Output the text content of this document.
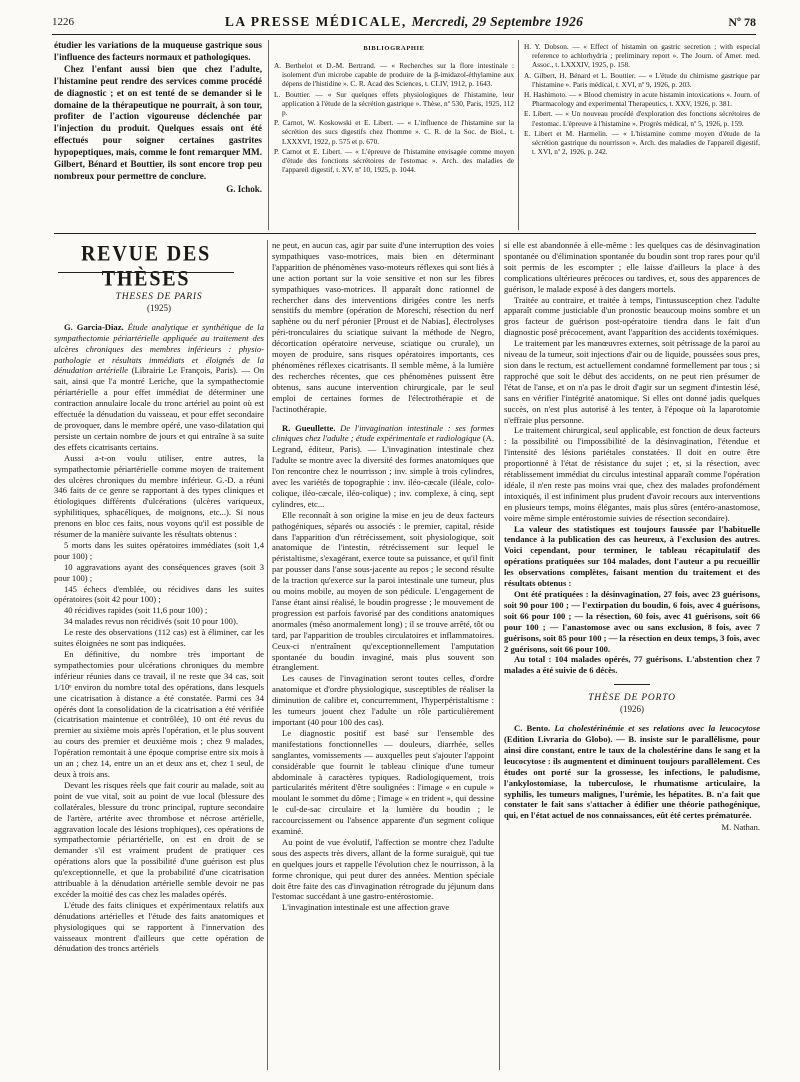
1226	LA PRESSE MÉDICALE, Mercredi, 29 Septembre 1926	Nº 78

étudier les variations de la muqueuse gastrique sous l'influence des facteurs normaux et pathologiques.

Chez l'enfant aussi bien que chez l'adulte, l'histamine peut rendre des services comme procédé de diagnostic ; et on est tenté de se demander si le domaine de la thérapeutique ne pourrait, à son tour, profiter de l'action vigoureuse déclenchée par l'injection du produit. Quelques essais ont été effectués pour soigner certaines gastrites hypopeptiques, mais, comme le font remarquer MM. Gilbert, Bénard et Bouttier, ils sont encore trop peu nombreux pour permettre de conclure.

G. Ichok.
BIBLIOGRAPHIE

A. Berthelot et D.-M. Bertrand. — « Recherches sur la flore intestinale : isolement d'un microbe capable de produire de la β-imidazol-éthylamine aux dépens de l'histidine ». C. R. Acad des Sciences, t. CLIV, 1912, p. 1643.

L. Bouttier. — « Sur quelques effets physiologiques de l'histamine, leur application à l'étude de la sécrétion gastrique ». Thèse, nº 530, Paris, 1925, 112 p.

P. Carnot, W. Koskowski et E. Libert. — « L'influence de l'histamine sur la sécrétion des sucs digestifs chez l'homme ». C. R. de la Soc. de Biol., t. LXXXVI, 1922, p. 575 et p. 670.

P. Carnot et E. Libert. — « L'épreuve de l'histamine envisagée comme moyen d'étude des fonctions sécrétoires de l'estomac ». Arch. des maladies de l'appareil digestif, t. XV, nº 10, 1925, p. 1044.

H. Y. Dobson. — « Effect of histamin on gastric secretion ; with especial reference to achlorhydria ; preliminary report ». The Journ. of Amer. med. Assoc., t. LXXXIV, 1925, p. 158.

A. Gilbert, H. Bénard et L. Bouttier. — « L'étude du chimisme gastrique par l'histamine ». Paris médical, t. XVI, nº 9, 1926, p. 203.

H. Hashimoto. — « Blood chemistry in acute histamin intoxications ». Journ. of Pharmacology and experimental Therapeutics, t. XXV, 1926, p. 381.

E. Libert. — « Un nouveau procédé d'exploration des fonctions sécrétoires de l'estomac. L'épreuve à l'histamine ». Progrès médical, nº 5, 1926, p. 159.

E. Libert et M. Harmelin. — « L'histamine comme moyen d'étude de la sécrétion gastrique du nourrisson ». Arch. des maladies de l'appareil digestif, t. XVI, nº 2, 1926, p. 242.

REVUE DES THÈSES
THÈSES DE PARIS
(1925)

G. Garcia-Diaz. Étude analytique et synthétique de la sympathectomie périartérielle appliquée au traitement des ulcères chroniques des membres inférieurs : physio-pathologie et résultats immédiats et éloignés de la dénudation artérielle (Librairie Le François, Paris). — On sait, ainsi que l'a montré Leriche, que la sympathectomie périartérielle a pour effet immédiat de déterminer une contraction annulaire locale du tronc artériel au point où est effectuée la dénudation du vaisseau, et pour effet secondaire de provoquer, dans le membre opéré, une vaso-dilatation qui persiste un certain nombre de jours et qui entraîne à sa suite des effets cicatrisants certains.

Aussi a-t-on voulu utiliser, entre autres, la sympathectomie périartérielle comme moyen de traitement des ulcères chroniques du membre inférieur. G.-D. a réuni 346 faits de ce genre se rapportant à des types cliniques et étiologiques différents d'ulcérations (ulcères variqueux, syphilitiques, sphacéliques, de moignons, etc...). Si nous prenons en bloc ces faits, nous voyons qu'il est possible de résumer de la manière suivante les résultats obtenus :

5 morts dans les suites opératoires immédiates (soit 1,4 pour 100) ;

10 aggravations ayant des conséquences graves (soit 3 pour 100) ;

145 échecs d'emblée, ou récidives dans les suites opératoires (soit 42 pour 100) ;

40 récidives rapides (soit 11,6 pour 100) ;

34 malades revus non récidivés (soit 10 pour 100).

Le reste des observations (112 cas) est à éliminer, car les suites éloignées ne sont pas indiquées.

En définitive, du nombre très important de sympathectomies pour ulcérations chroniques du membre inférieur réunies dans ce travail, il ne reste que 34 cas, soit 1/10ᵉ environ du nombre total des opérations, dans lesquels une cicatrisation à distance a été constatée. Parmi ces 34 opérés dont la consolidation de la cicatrisation a été vérifiée (cicatrisation maintenue et contrôlée), 10 ont été revus du premier au sixième mois après l'opération, et le plus souvent au cours des premier et deuxième mois ; chez 9 malades, l'opération remontait à une époque comprise entre six mois à un an ; chez 14, entre un an et deux ans et, chez 1 seul, de deux à trois ans.

Devant les risques réels que fait courir au malade, soit au point de vue vital, soit au point de vue local (blessure des collatérales, blessure du tronc principal, rupture secondaire de l'artère, artérite avec thrombose et nécrose artérielle, aggravation locale des lésions trophiques), ces opérations de sympathectomie périartérielle, on est en droit de se demander s'il est vraiment prudent de pratiquer ces opérations alors que la possibilité d'une guérison est plus qu'exceptionnelle, et que la probabilité d'une cicatrisation attribuable à la dénudation artérielle semble devoir ne pas excéder la moitié des cas chez les malades opérés.

L'étude des faits cliniques et expérimentaux relatifs aux dénudations artérielles et l'étude des faits anatomiques et physiologiques qui se rapportent à l'innervation des vaisseaux montrent d'ailleurs que cette opération de dénudation des troncs artériels

ne peut, en aucun cas, agir par suite d'une interruption des voies sympathiques vaso-motrices, mais bien en déterminant l'apparition de phénomènes vaso-moteurs réflexes qui sont liés à une action portant sur la voie sensitive et non sur les fibres sympathiques vaso-motrices. Il apparaît donc rationnel de rechercher dans des interventions dirigées contre les nerfs sensitifs du membre (opération de Moreschi, résection du nerf saphène ou du nerf péronier [Proust et de Nabias], électrolyses péri-tronculaires du sciatique suivant la méthode de Negro, décortication opératoire nerveuse, sciatique ou crurale), un moyen de produire, sans risques opératoires importants, ces phénomènes réflexes cicatrisants. Il semble même, à la lumière des recherches récentes, que ces phénomènes puissent être obtenus, sans aucune intervention chirurgicale, par le seul emploi de certaines formes de l'électrothérapie et de l'actinothérapie.

R. Gueullette. De l'invagination intestinale : ses formes cliniques chez l'adulte ; étude expérimentale et radiologique (A. Legrand, éditeur, Paris). — L'invagination intestinale chez l'adulte se montre avec la diversité des formes anatomiques que l'on rencontre chez le nourrisson ; inv. simple à trois cylindres, avec les variétés de topographie : inv. iléo-cæcale (iléale, colo-colique, iléo-cæcale, iléo-colique) ; inv. complexe, à cinq, sept cylindres, etc...

Elle reconnaît à son origine la mise en jeu de deux facteurs pathogéniques, séparés ou associés : le premier, capital, réside dans l'apparition d'un rétrécissement, soit physiologique, soit anatomique de l'intestin, rétrécissement sur lequel le péristaltisme, s'exagérant, exerce toute sa puissance, et qu'il finit par pousser dans l'anse sous-jacente au repos ; le second résulte de la traction qu'exerce sur la paroi intestinale une tumeur, plus ou moins mobile, au moyen de son pédicule. L'engagement de l'anse étant ainsi réalisé, le boudin progresse ; le mouvement de progression est parfois favorisé par des conditions anatomiques anormales (méso anormalement long) ; il se trouve arrêté, tôt ou tard, par l'apparition de troubles circulatoires et inflammatoires. Ceux-ci n'entraînent qu'exceptionnellement l'amputation spontanée du boudin invaginé, mais plus souvent son étranglement.

Les causes de l'invagination seront toutes celles, d'ordre anatomique et d'ordre physiologique, susceptibles de réaliser la diminution de calibre et, concurremment, l'hyperpéristaltisme : les tumeurs jouent chez l'adulte un rôle particulièrement important (40 pour 100 des cas).

Le diagnostic positif est basé sur l'ensemble des manifestations fonctionnelles — douleurs, diarrhée, selles sanglantes, vomissements — auxquelles peut s'ajouter l'appoint considérable que fournit le tableau clinique d'une tumeur abdominale à caractères typiques. Radiologiquement, trois particularités méritent d'être soulignées : l'image « en cupule » moulant le sommet du dôme ; l'image « en trident », qui dessine le cul-de-sac circulaire et la lumière du boudin ; le raccourcissement ou l'absence apparente d'un segment colique examiné.

Au point de vue évolutif, l'affection se montre chez l'adulte sous des aspects très divers, allant de la forme suraiguë, qui tue en quelques jours et rappelle l'évolution chez le nourrisson, à la forme chronique, qui peut durer des années. Mention spéciale doit être faite des cas d'invagination rétrograde du jéjunum dans l'estomac succédant à une gastro-entérostomie.

L'invagination intestinale est une affection grave

si elle est abandonnée à elle-même : les quelques cas de désinvagination spontanée ou d'élimination spontanée du boudin sont trop rares pour qu'il soit permis de les escompter ; elle laisse d'ailleurs la place à des complications ultérieures précoces ou tardives, et, sous des apparences de guérison, le malade exposé à des dangers mortels.

Traitée au contraire, et traitée à temps, l'intussusception chez l'adulte apparaît comme justiciable d'un pronostic beaucoup moins sombre et un gros facteur de guérison post-opératoire tiendra dans le fait d'un diagnostic posé précocement, avant l'apparition des accidents toxémiques.

Le traitement par les manœuvres externes, soit pétrissage de la paroi au niveau de la tumeur, soit injections d'air ou de liquide, poussées sous pres, sion dans le rectum, est actuellement condamné formellement par tous ; si rapproché que soit le début des accidents, on ne peut rien présumer de l'état de l'anse, et on n'a pas le droit d'agir sur un segment d'intestin lésé, sans en vérifier l'intégrité anatomique. Si elles ont donné jadis quelques succès, on n'est plus autorisé à les tenter, à l'époque où la laparotomie n'effraie plus personne.

Le traitement chirurgical, seul applicable, est fonction de deux facteurs : la possibilité ou l'impossibilité de la désinvagination, l'étendue et l'intensité des lésions pariétales constatées. Il doit en outre être proportionné à l'état de résistance du sujet ; et, si la résection, avec rétablissement immédiat du circulus intestinal apparaît comme l'opération idéale, il n'en reste pas moins vrai que, chez des malades profondément intoxiqués, il est infiniment plus prudent d'avoir recours aux interventions en plusieurs temps, moins élégantes, mais plus sûres (entéro-anastomose, voire même simple entérostomie suivies de résection secondaire).

La valeur des statistiques est toujours faussée par l'habituelle tendance à la publication des cas heureux, à l'exclusion des autres. Voici cependant, pour terminer, le tableau récapitulatif des opérations pratiquées sur 104 malades, dont l'auteur a pu recueillir les observations complètes, faisant mention du traitement et des résultats obtenus :

Ont été pratiquées : la désinvagination, 27 fois, avec 23 guérisons, soit 90 pour 100 ; — l'extirpation du boudin, 6 fois, avec 4 guérisons, soit 66 pour 100 ; — la résection, 60 fois, avec 41 guérisons, soit 66 pour 100 ; — l'anastomose avec ou sans exclusion, 8 fois, avec 7 guérisons, soit 85 pour 100 ; — la résection en deux temps, 3 fois, avec 2 guérisons, soit 66 pour 100.

Au total : 104 malades opérés, 77 guérisons. L'abstention chez 7 malades a été suivie de 6 décès.

THÈSE DE PORTO
(1926)

C. Bento. La cholestérinémie et ses relations avec la leucocytose (Edition Livraria do Globo). — B. insiste sur le parallélisme, pour ainsi dire constant, entre le taux de la cholestérine dans le sang et la leucocytose : ils augmentent et diminuent toujours parallèlement. Ces études ont porté sur la grossesse, les infections, le paludisme, l'ankylostomiase, la tuberculose, le rhumatisme articulaire, la syphilis, les tumeurs malignes, l'urémie, les hépatites. B. n'a fait que constater le fait sans s'attacher à édifier une théorie pathogénique, qui, en l'état actuel de nos connaissances, eût été certes prématurée.

M. Nathan.
